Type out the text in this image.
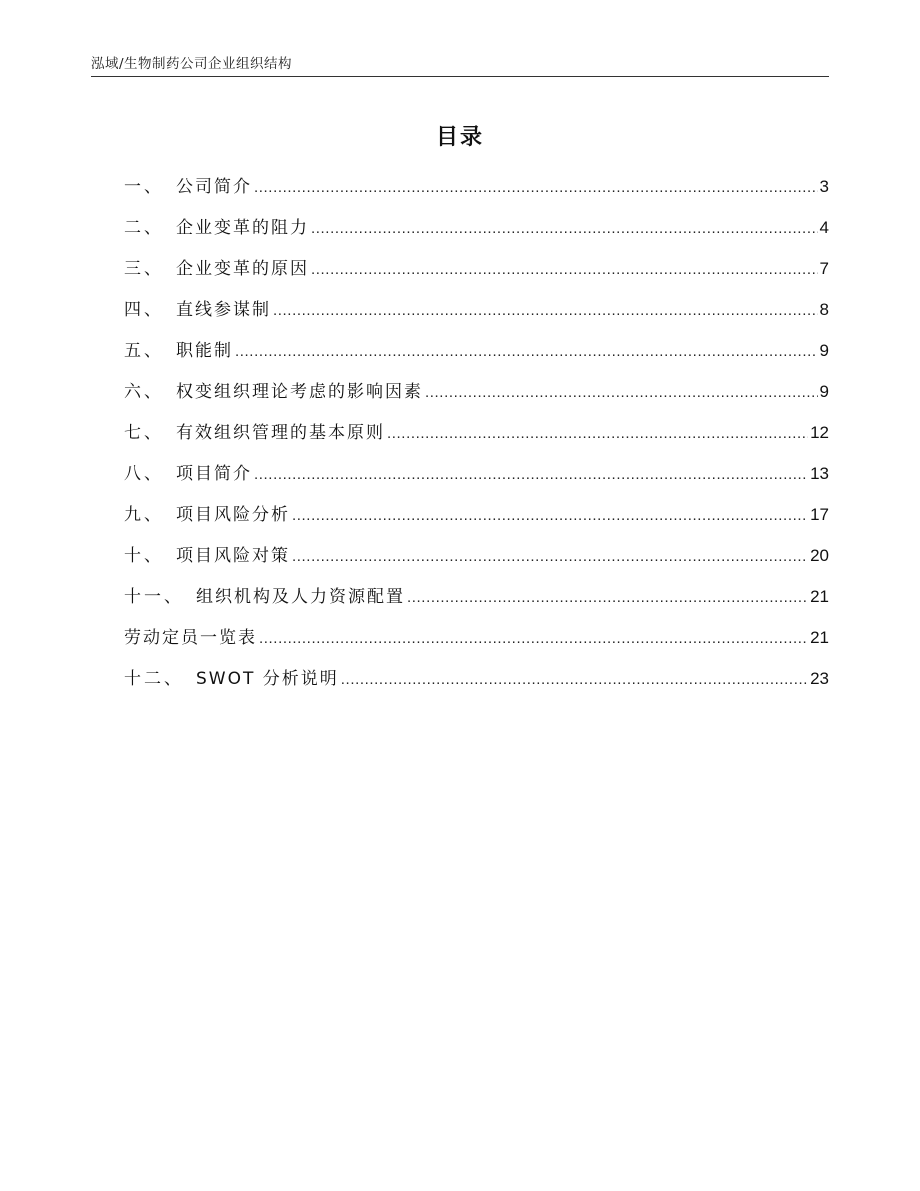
泓域/生物制药公司企业组织结构
目录
一、 公司简介 .....	3
二、 企业变革的阻力 .....	4
三、 企业变革的原因 .....	7
四、 直线参谋制 .....	8
五、 职能制 .....	9
六、 权变组织理论考虑的影响因素 .....	9
七、 有效组织管理的基本原则 .....	12
八、 项目简介 .....	13
九、 项目风险分析 .....	17
十、 项目风险对策 .....	20
十一、 组织机构及人力资源配置 .....	21
劳动定员一览表 .....	21
十二、 SWOT 分析说明 .....	23
